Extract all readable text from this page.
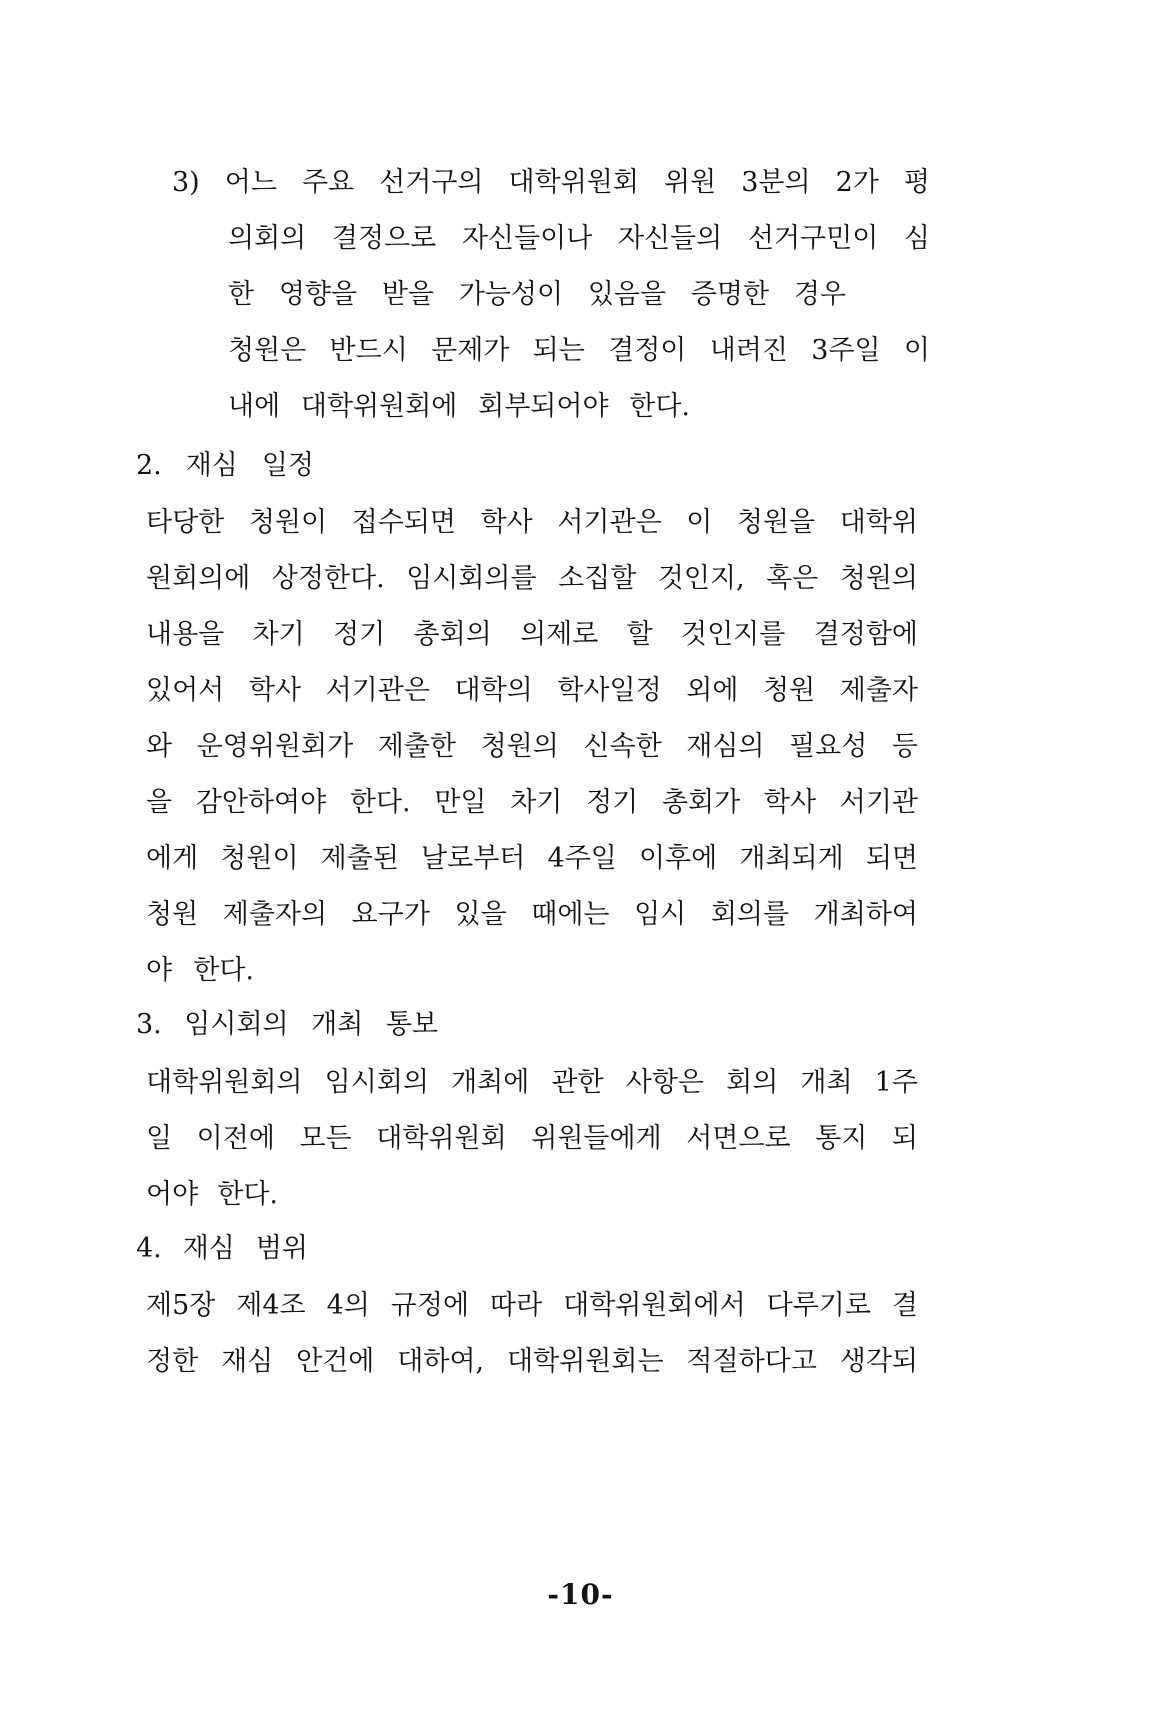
3) 어느 주요 선거구의 대학위원회 위원 3분의 2가 평
의회의 결정으로 자신들이나 자신들의 선거구민이 심
한 영향을 받을 가능성이 있음을 증명한 경우
청원은 반드시 문제가 되는 결정이 내려진 3주일 이
내에 대학위원회에 회부되어야 한다.
2. 재심 일정
타당한 청원이 접수되면 학사 서기관은 이 청원을 대학위
원회의에 상정한다. 임시회의를 소집할 것인지, 혹은 청원의
내용을 차기 정기 총회의 의제로 할 것인지를 결정함에
있어서 학사 서기관은 대학의 학사일정 외에 청원 제출자
와 운영위원회가 제출한 청원의 신속한 재심의 필요성 등
을 감안하여야 한다. 만일 차기 정기 총회가 학사 서기관
에게 청원이 제출된 날로부터 4주일 이후에 개최되게 되면
청원 제출자의 요구가 있을 때에는 임시 회의를 개최하여
야 한다.
3. 임시회의 개최 통보
대학위원회의 임시회의 개최에 관한 사항은 회의 개최 1주
일 이전에 모든 대학위원회 위원들에게 서면으로 통지 되
어야 한다.
4. 재심 범위
제5장 제4조 4의 규정에 따라 대학위원회에서 다루기로 결
정한 재심 안건에 대하여, 대학위원회는 적절하다고 생각되
-10-
